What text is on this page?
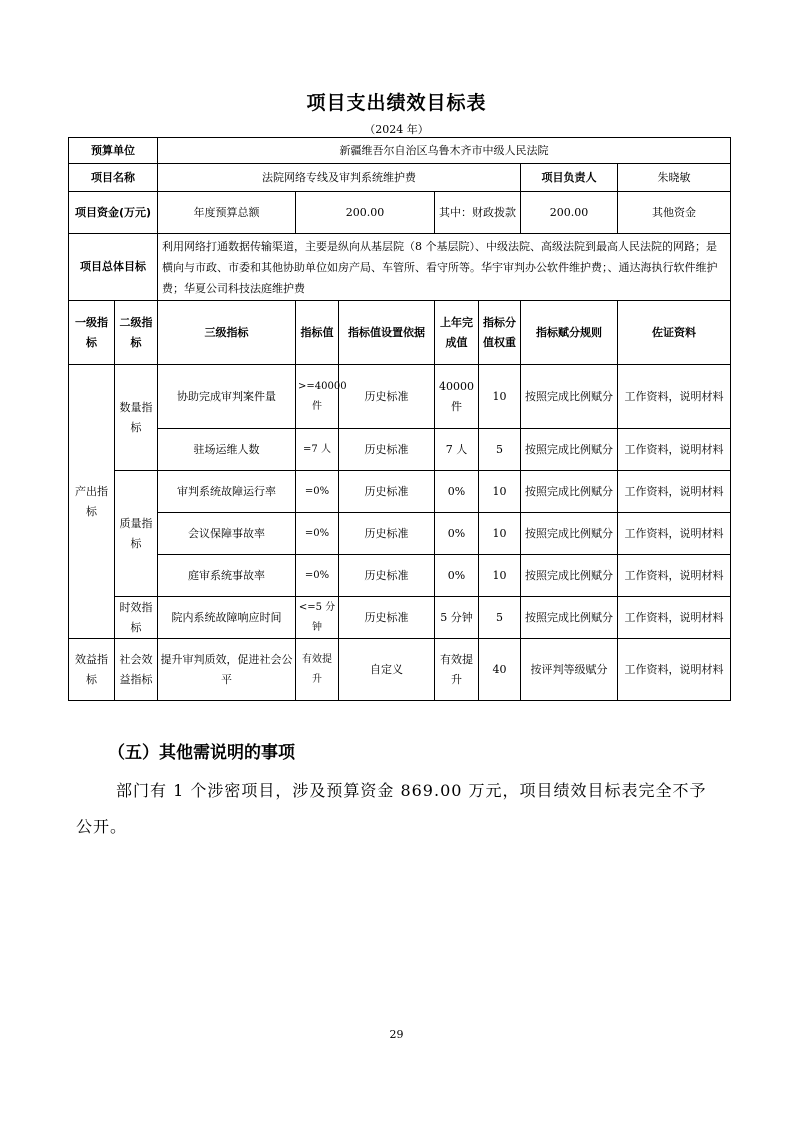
项目支出绩效目标表
（2024 年）
预算单位		新疆维吾尔自治区乌鲁木齐市中级人民法院							
项目名称		法院网络专线及审判系统维护费					项目负责人	朱晓敏	
项目资金(万元)		年度预算总额	200.00		其中：财政拨款		200.00	其他资金	
项目总体目标		利用网络打通数据传输渠道，主要是纵向从基层院（8 个基层院）、中级法院、高级法院到最高人民法院的网路；是横向与市政、市委和其他协助单位如房产局、车管所、看守所等。华宇审判办公软件维护费；、通达海执行软件维护费；华夏公司科技法庭维护费							
一级指标	二级指标	三级指标	指标值	指标值设置依据	上年完成值	指标分值权重	指标赋分规则	佐证资料	
产出指标	数量指标	协助完成审判案件量	>=40000 件	历史标准	40000件	10	按照完成比例赋分	工作资料，说明材料	
		驻场运维人数	=7 人	历史标准	7 人	5	按照完成比例赋分	工作资料，说明材料	
	质量指标	审判系统故障运行率	=0%	历史标准	0%	10	按照完成比例赋分	工作资料，说明材料	
		会议保障事故率	=0%	历史标准	0%	10	按照完成比例赋分	工作资料，说明材料	
		庭审系统事故率	=0%	历史标准	0%	10	按照完成比例赋分	工作资料，说明材料	
	时效指标	院内系统故障响应时间	<=5 分钟	历史标准	5 分钟	5	按照完成比例赋分	工作资料，说明材料	
效益指标	社会效益指标	提升审判质效，促进社会公平	有效提升	自定义	有效提升	40	按评判等级赋分	工作资料，说明材料	
（五）其他需说明的事项
部门有 1 个涉密项目，涉及预算资金 869.00 万元，项目绩效目标表完全不予公开。
29
